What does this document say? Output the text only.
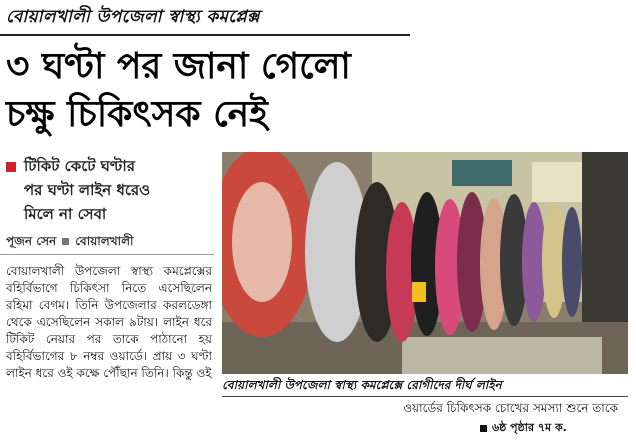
বোয়ালখালী উপজেলা স্বাস্থ্য কমপ্লেক্স
৩ ঘণ্টা পর জানা গেলো
চক্ষু চিকিৎসক নেই
টিকিট কেটে ঘণ্টার
পর ঘণ্টা লাইন ধরেও
মিলে না সেবা
পূজন সেন বোয়ালখালী
বোয়ালখালী উপজেলা স্বাস্থ্য কমপ্লেক্সের বহির্বিভাগে চিকিৎসা নিতে এসেছিলেন রহিমা বেগম। তিনি উপজেলার করলডেঙ্গা থেকে এসেছিলেন সকাল ৯টায়। লাইন ধরে টিকিট নেয়ার পর তাকে পাঠানো হয় বহির্বিভাগের ৮ নম্বর ওয়ার্ডে। প্রায় ৩ ঘণ্টা লাইন ধরে ওই কক্ষে পৌঁছান তিনি। কিন্তু ওই
বোয়ালখালী উপজেলা স্বাস্থ্য কমপ্লেক্সে রোগীদের দীর্ঘ লাইন
ওয়ার্ডের চিকিৎসক চোখের সমস্যা শুনে তাকে
৬ষ্ঠ পৃষ্ঠার ৭ম ক.
